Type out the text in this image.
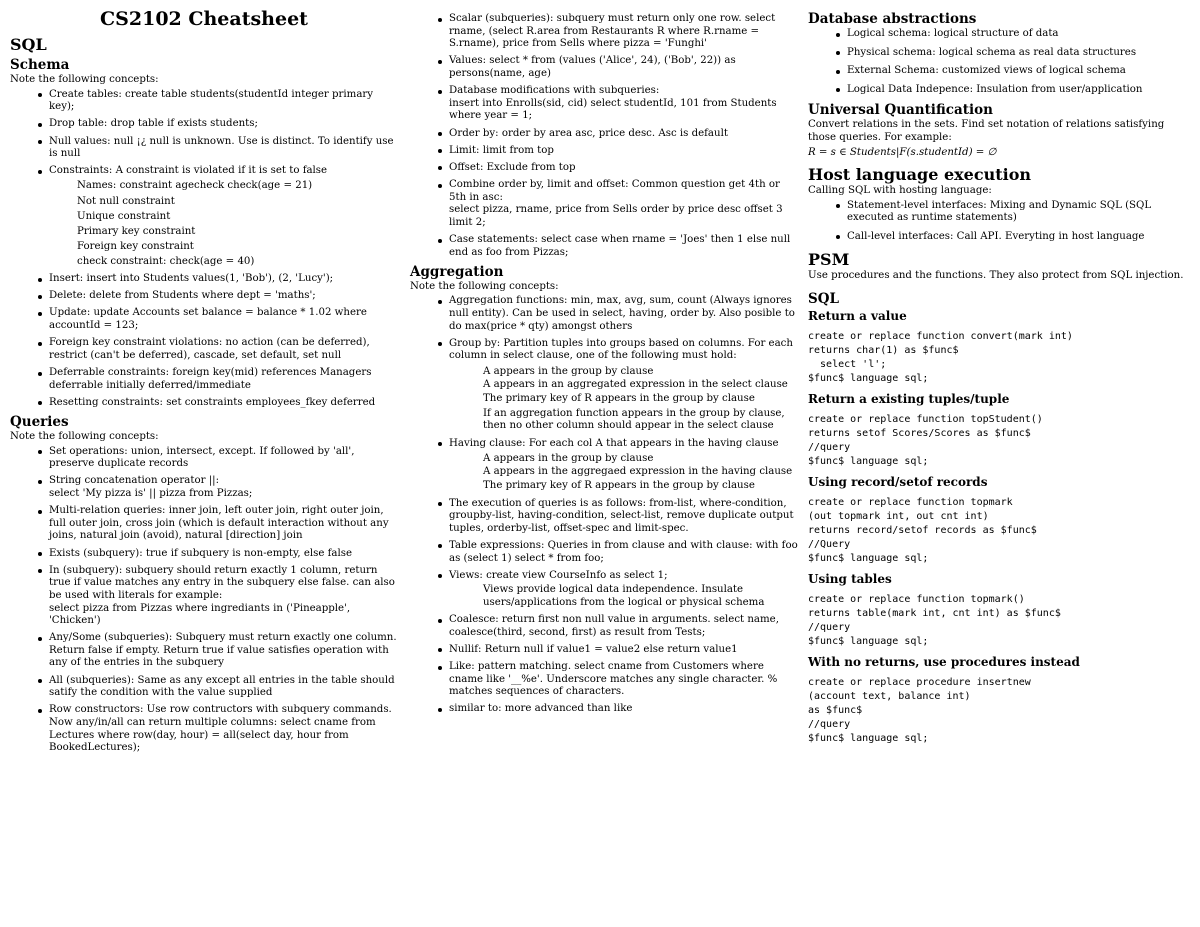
CS2102 Cheatsheet
SQL
Schema

Note the following concepts:

Create tables: create table students(studentId integer primary key);
Drop table: drop table if exists students;
Null values: null ¡¿ null is unknown. Use is distinct. To identify use is null
Constraints: A constraint is violated if it is set to false
Names: constraint agecheck check(age = 21)
Not null constraint
Unique constraint
Primary key constraint
Foreign key constraint
check constraint: check(age = 40)
Insert: insert into Students values(1, 'Bob'), (2, 'Lucy');
Delete: delete from Students where dept = 'maths';
Update: update Accounts set balance = balance * 1.02 where accountId = 123;
Foreign key constraint violations: no action (can be deferred), restrict (can't be deferred), cascade, set default, set null
Deferrable constraints: foreign key(mid) references Managers deferrable initially deferred/immediate
Resetting constraints: set constraints employees_fkey deferred
Queries

Note the following concepts:

Set operations: union, intersect, except. If followed by 'all', preserve duplicate records
String concatenation operator ||:
select 'My pizza is' || pizza from Pizzas;
Multi-relation queries: inner join, left outer join, right outer join, full outer join, cross join (which is default interaction without any joins, natural join (avoid), natural [direction] join
Exists (subquery): true if subquery is non-empty, else false
In (subquery): subquery should return exactly 1 column, return true if value matches any entry in the subquery else false. can also be used with literals for example:
select pizza from Pizzas where ingrediants in ('Pineapple', 'Chicken')
Any/Some (subqueries): Subquery must return exactly one column. Return false if empty. Return true if value satisfies operation with any of the entries in the subquery
All (subqueries): Same as any except all entries in the table should satify the condition with the value supplied
Row constructors: Use row contructors with subquery commands. Now any/in/all can return multiple columns: select cname from Lectures where row(day, hour) = all(select day, hour from BookedLectures);
Scalar (subqueries): subquery must return only one row. select rname, (select R.area from Restaurants R where R.rname = S.rname), price from Sells where pizza = 'Funghi'
Values: select * from (values ('Alice', 24), ('Bob', 22)) as persons(name, age)
Database modifications with subqueries:
insert into Enrolls(sid, cid) select studentId, 101 from Students where year = 1;
Order by: order by area asc, price desc. Asc is default
Limit: limit from top
Offset: Exclude from top
Combine order by, limit and offset: Common question get 4th or 5th in asc:
select pizza, rname, price from Sells order by price desc offset 3 limit 2;
Case statements: select case when rname = 'Joes' then 1 else null end as foo from Pizzas;
Aggregation

Note the following concepts:

Aggregation functions: min, max, avg, sum, count (Always ignores null entity). Can be used in select, having, order by. Also posible to do max(price * qty) amongst others
Group by: Partition tuples into groups based on columns. For each column in select clause, one of the following must hold:
A appears in the group by clause
A appears in an aggregated expression in the select clause
The primary key of R appears in the group by clause
If an aggregation function appears in the group by clause, then no other column should appear in the select clause
Having clause: For each col A that appears in the having clause
A appears in the group by clause
A appears in the aggregaed expression in the having clause
The primary key of R appears in the group by clause
The execution of queries is as follows: from-list, where-condition, groupby-list, having-condition, select-list, remove duplicate output tuples, orderby-list, offset-spec and limit-spec.
Table expressions: Queries in from clause and with clause: with foo as (select 1) select * from foo;
Views: create view CourseInfo as select 1;
Views provide logical data independence. Insulate users/applications from the logical or physical schema
Coalesce: return first non null value in arguments. select name, coalesce(third, second, first) as result from Tests;
Nullif: Return null if value1 = value2 else return value1
Like: pattern matching. select cname from Customers where cname like '__%e'. Underscore matches any single character. % matches sequences of characters.
similar to: more advanced than like
Database abstractions
Logical schema: logical structure of data
Physical schema: logical schema as real data structures
External Schema: customized views of logical schema
Logical Data Indepence: Insulation from user/application
Universal Quantification

Convert relations in the sets. Find set notation of relations satisfying those queries. For example:

R = s ∈ Students|F(s.studentId) = ∅

Host language execution

Calling SQL with hosting language:

Statement-level interfaces: Mixing and Dynamic SQL (SQL executed as runtime statements)
Call-level interfaces: Call API. Everyting in host language
PSM

Use procedures and the functions. They also protect from SQL injection.

SQL
Return a value
create or replace function convert(mark int)
returns char(1) as $func$
select 'l';
$func$ language sql;
Return a existing tuples/tuple
create or replace function topStudent()
returns setof Scores/Scores as $func$
//query
$func$ language sql;
Using record/setof records
create or replace function topmark
(out topmark int, out cnt int)
returns record/setof records as $func$
//Query
$func$ language sql;
Using tables
create or replace function topmark()
returns table(mark int, cnt int) as $func$
//query
$func$ language sql;
With no returns, use procedures instead
create or replace procedure insertnew
(account text, balance int)
as $func$
//query
$func$ language sql;
